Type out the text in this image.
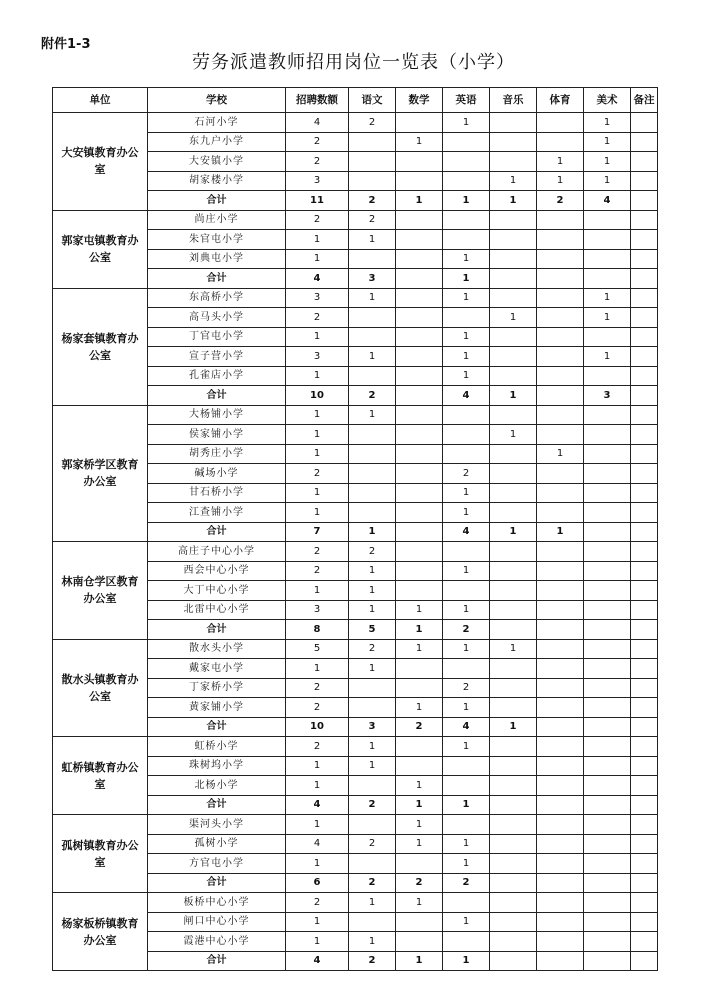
附件1-3
劳务派遣教师招用岗位一览表（小学）
单位	学校	招聘数额	语文	数学	英语	音乐	体育	美术	备注
大安镇教育办公室	石河小学	4	2		1			1	
	东九户小学	2		1				1	
	大安镇小学	2					1	1	
	胡家楼小学	3				1	1	1	
	合计	11	2	1	1	1	2	4	
郭家屯镇教育办公室	尚庄小学	2	2						
	朱官屯小学	1	1						
	刘典屯小学	1			1				
	合计	4	3		1				
杨家套镇教育办公室	东高桥小学	3	1		1			1	
	高马头小学	2				1		1	
	丁官屯小学	1			1				
	宣子营小学	3	1		1			1	
	孔雀店小学	1			1				
	合计	10	2		4	1		3	
郭家桥学区教育办公室	大杨铺小学	1	1						
	侯家铺小学	1				1			
	胡秀庄小学	1					1		
	碱场小学	2			2				
	甘石桥小学	1			1				
	江查铺小学	1			1				
	合计	7	1		4	1	1		
林南仓学区教育办公室	高庄子中心小学	2	2						
	西会中心小学	2	1		1				
	大丁中心小学	1	1						
	北雷中心小学	3	1	1	1				
	合计	8	5	1	2				
散水头镇教育办公室	散水头小学	5	2	1	1	1			
	戴家屯小学	1	1						
	丁家桥小学	2			2				
	黄家铺小学	2		1	1				
	合计	10	3	2	4	1			
虹桥镇教育办公室	虹桥小学	2	1		1				
	珠树坞小学	1	1						
	北杨小学	1		1					
	合计	4	2	1	1				
孤树镇教育办公室	渠河头小学	1		1					
	孤树小学	4	2	1	1				
	方官屯小学	1			1				
	合计	6	2	2	2				
杨家板桥镇教育办公室	板桥中心小学	2	1	1					
	闸口中心小学	1			1				
	霞港中心小学	1	1						
	合计	4	2	1	1				
